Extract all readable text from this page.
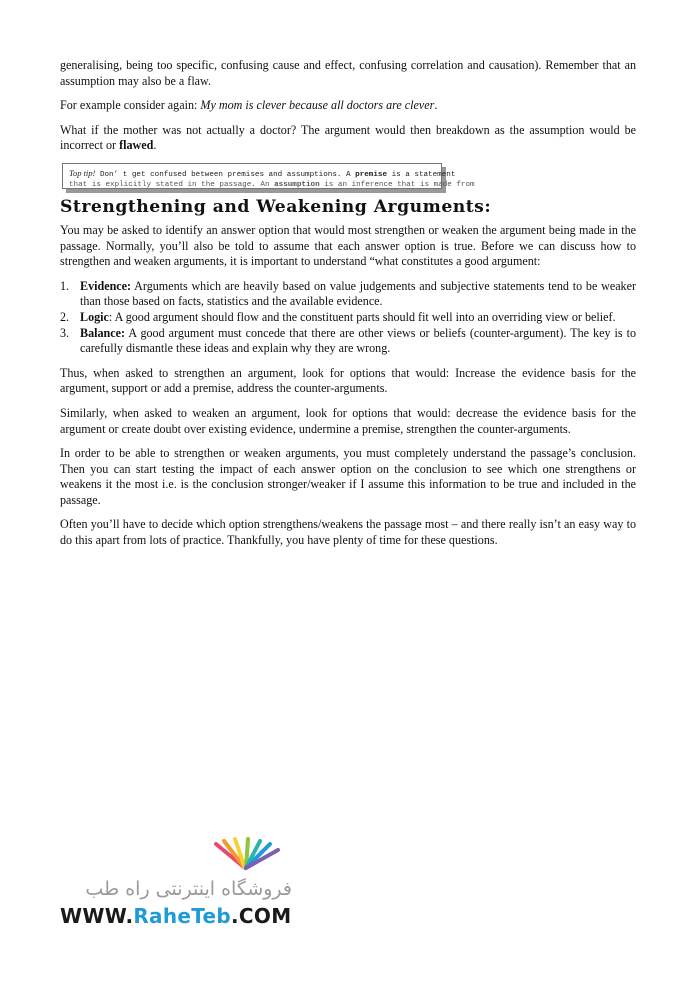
generalising, being too specific, confusing cause and effect, confusing correlation and causation). Remember that an assumption may also be a flaw.

For example consider again: My mom is clever because all doctors are clever.

What if the mother was not actually a doctor? The argument would then breakdown as the assumption would be incorrect or flawed.

Top tip! Don’ t get confused between premises and assumptions. A premise is a statement
that is explicitly stated in the passage. An assumption is an inference that is made from
Strengthening and Weakening Arguments:

You may be asked to identify an answer option that would most strengthen or weaken the argument being made in the passage. Normally, you’ll also be told to assume that each answer option is true. Before we can discuss how to strengthen and weaken arguments, it is important to understand “what constitutes a good argument:

1. Evidence: Arguments which are heavily based on value judgements and subjective statements tend to be weaker than those based on facts, statistics and the available evidence.
2. Logic: A good argument should flow and the constituent parts should fit well into an overriding view or belief.
3. Balance: A good argument must concede that there are other views or beliefs (counter-argument). The key is to carefully dismantle these ideas and explain why they are wrong.

Thus, when asked to strengthen an argument, look for options that would: Increase the evidence basis for the argument, support or add a premise, address the counter-arguments.

Similarly, when asked to weaken an argument, look for options that would: decrease the evidence basis for the argument or create doubt over existing evidence, undermine a premise, strengthen the counter-arguments.

In order to be able to strengthen or weaken arguments, you must completely understand the passage’s conclusion. Then you can start testing the impact of each answer option on the conclusion to see which one strengthens or weakens it the most i.e. is the conclusion stronger/weaker if I assume this information to be true and included in the passage.

Often you’ll have to decide which option strengthens/weakens the passage most – and there really isn’t an easy way to do this apart from lots of practice. Thankfully, you have plenty of time for these questions.

فروشگاه اینترنتی راه طب
WWW.RaheTeb.COM
